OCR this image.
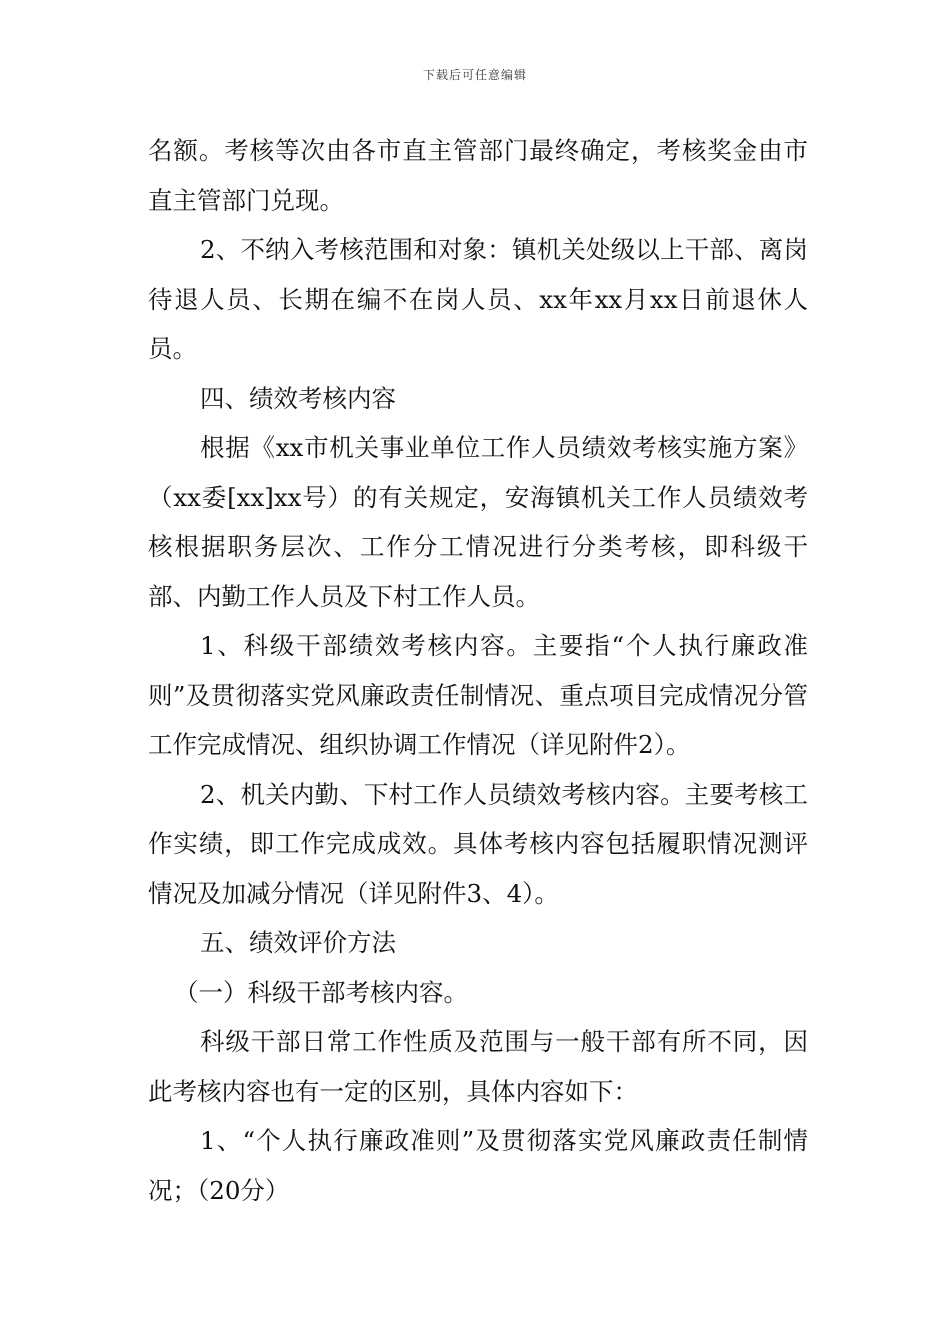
下载后可任意编辑

名额。考核等次由各市直主管部门最终确定，考核奖金由市直主管部门兑现。

2、不纳入考核范围和对象：镇机关处级以上干部、离岗待退人员、长期在编不在岗人员、xx年xx月xx日前退休人员。

四、绩效考核内容

根据《xx市机关事业单位工作人员绩效考核实施方案》（xx委[xx]xx号）的有关规定，安海镇机关工作人员绩效考核根据职务层次、工作分工情况进行分类考核，即科级干部、内勤工作人员及下村工作人员。

1、科级干部绩效考核内容。主要指“个人执行廉政准则”及贯彻落实党风廉政责任制情况、重点项目完成情况分管工作完成情况、组织协调工作情况（详见附件2）。

2、机关内勤、下村工作人员绩效考核内容。主要考核工作实绩，即工作完成成效。具体考核内容包括履职情况测评情况及加减分情况（详见附件3、4）。

五、绩效评价方法

（一）科级干部考核内容。

科级干部日常工作性质及范围与一般干部有所不同，因此考核内容也有一定的区别，具体内容如下：

1、“个人执行廉政准则”及贯彻落实党风廉政责任制情况；（20分）
